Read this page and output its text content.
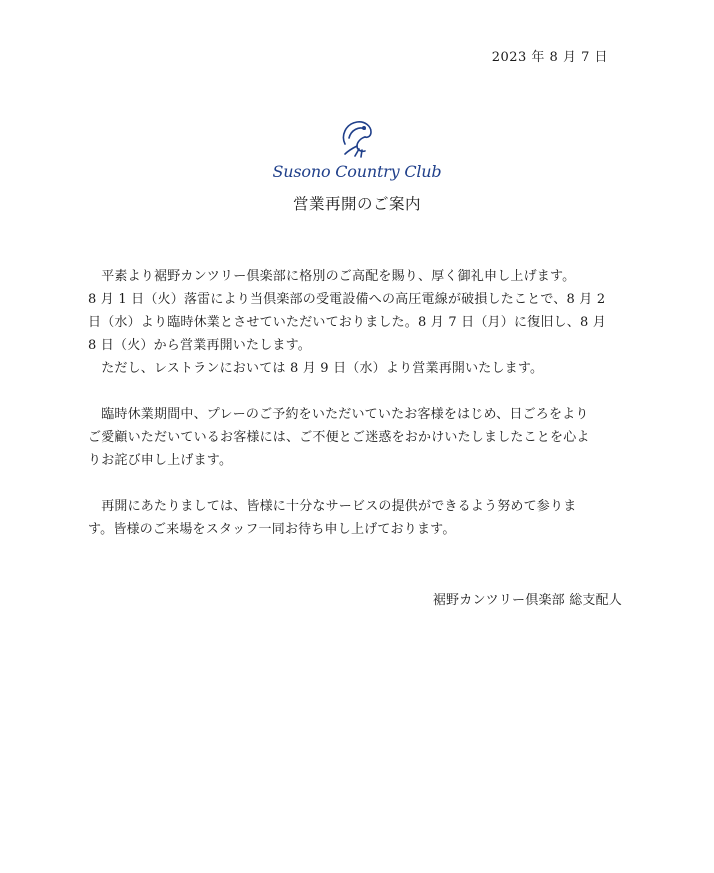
2023 年 8 月 7 日
Susono Country Club
営業再開のご案内

　平素より裾野カンツリー倶楽部に格別のご高配を賜り、厚く御礼申し上げます。

8 月 1 日（火）落雷により当倶楽部の受電設備への高圧電線が破損したことで、8 月 2

日（水）より臨時休業とさせていただいておりました。8 月 7 日（月）に復旧し、8 月

8 日（火）から営業再開いたします。

　ただし、レストランにおいては 8 月 9 日（水）より営業再開いたします。

　臨時休業期間中、プレーのご予約をいただいていたお客様をはじめ、日ごろをより

ご愛顧いただいているお客様には、ご不便とご迷惑をおかけいたしましたことを心よ

りお詫び申し上げます。

　再開にあたりましては、皆様に十分なサービスの提供ができるよう努めて参りま

す。皆様のご来場をスタッフ一同お待ち申し上げております。

裾野カンツリー倶楽部 総支配人
